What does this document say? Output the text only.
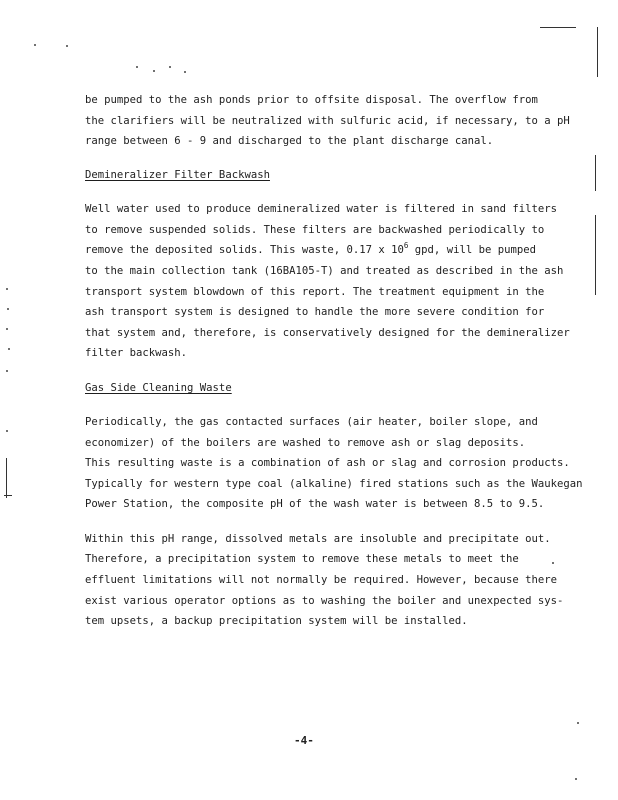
be pumped to the ash ponds prior to offsite disposal. The overflow from
the clarifiers will be neutralized with sulfuric acid, if necessary, to a pH
range between 6 - 9 and discharged to the plant discharge canal.
Demineralizer Filter Backwash
Well water used to produce demineralized water is filtered in sand filters
to remove suspended solids. These filters are backwashed periodically to
remove the deposited solids. This waste, 0.17 x $10^6$ gpd, will be pumped
to the main collection tank (16BA105-T) and treated as described in the ash
transport system blowdown of this report. The treatment equipment in the
ash transport system is designed to handle the more severe condition for
that system and, therefore, is conservatively designed for the demineralizer
filter backwash.
Gas Side Cleaning Waste
Periodically, the gas contacted surfaces (air heater, boiler slope, and
economizer) of the boilers are washed to remove ash or slag deposits.
This resulting waste is a combination of ash or slag and corrosion products.
Typically for western type coal (alkaline) fired stations such as the Waukegan
Power Station, the composite pH of the wash water is between 8.5 to 9.5.
Within this pH range, dissolved metals are insoluble and precipitate out.
Therefore, a precipitation system to remove these metals to meet the
effluent limitations will not normally be required. However, because there
exist various operator options as to washing the boiler and unexpected sys-
tem upsets, a backup precipitation system will be installed.
-4-
